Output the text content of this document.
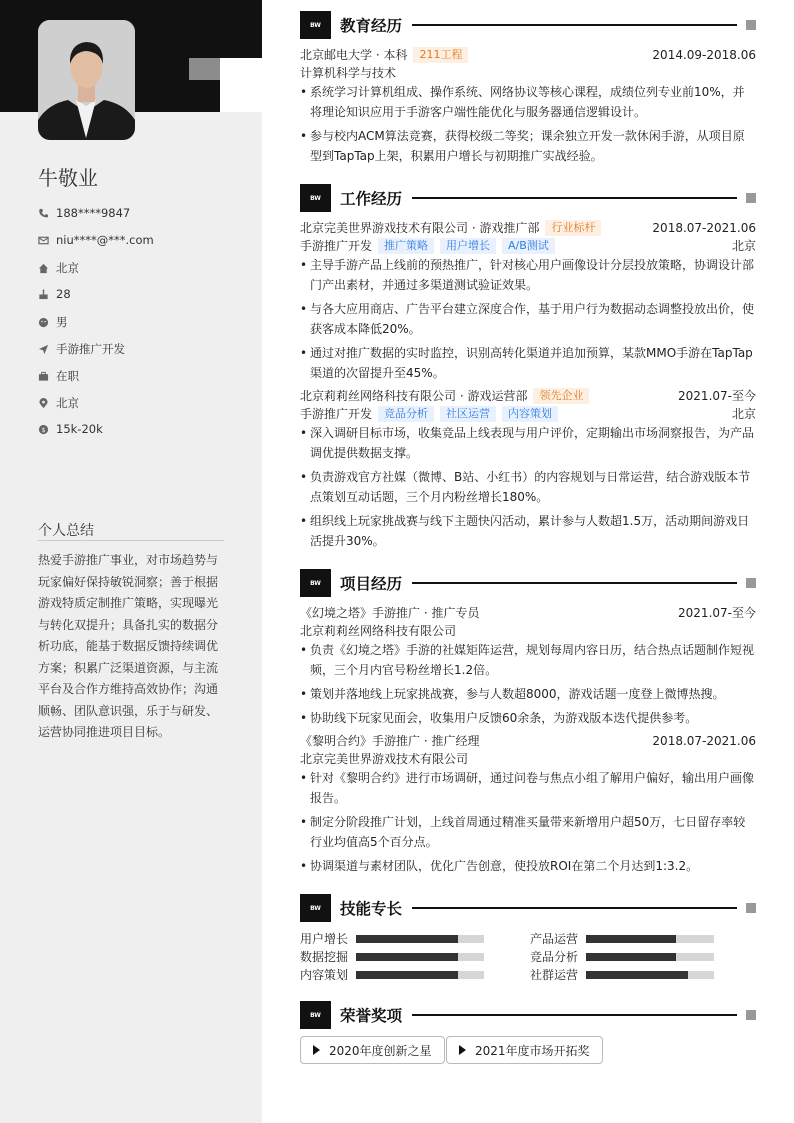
牛敬业
188****9847
niu****@***.com
北京
28
男
手游推广开发
在职
北京
$ 15k-20k
个人总结
热爱手游推广事业，对市场趋势与玩家偏好保持敏锐洞察；善于根据游戏特质定制推广策略，实现曝光与转化双提升；具备扎实的数据分析功底，能基于数据反馈持续调优方案；积累广泛渠道资源，与主流平台及合作方维持高效协作；沟通顺畅、团队意识强，乐于与研发、运营协同推进项目目标。
BW	教育经历
北京邮电大学 · 本科	211工程	2014.09-2018.06
计算机科学与技术
• 系统学习计算机组成、操作系统、网络协议等核心课程，成绩位列专业前10%，并将理论知识应用于手游客户端性能优化与服务器通信逻辑设计。
• 参与校内ACM算法竞赛，获得校级二等奖；课余独立开发一款休闲手游，从项目原型到TapTap上架，积累用户增长与初期推广实战经验。
BW	工作经历
北京完美世界游戏技术有限公司 · 游戏推广部	行业标杆	2018.07-2021.06
手游推广开发	推广策略	用户增长	A/B测试	北京
• 主导手游产品上线前的预热推广，针对核心用户画像设计分层投放策略，协调设计部门产出素材，并通过多渠道测试验证效果。
• 与各大应用商店、广告平台建立深度合作，基于用户行为数据动态调整投放出价，使获客成本降低20%。
• 通过对推广数据的实时监控，识别高转化渠道并追加预算，某款MMO手游在TapTap渠道的次留提升至45%。
北京莉莉丝网络科技有限公司 · 游戏运营部	领先企业	2021.07-至今
手游推广开发	竞品分析	社区运营	内容策划	北京
• 深入调研目标市场，收集竞品上线表现与用户评价，定期输出市场洞察报告，为产品调优提供数据支撑。
• 负责游戏官方社媒（微博、B站、小红书）的内容规划与日常运营，结合游戏版本节点策划互动话题，三个月内粉丝增长180%。
• 组织线上玩家挑战赛与线下主题快闪活动，累计参与人数超1.5万，活动期间游戏日活提升30%。
BW	项目经历
《幻境之塔》手游推广 · 推广专员	2021.07-至今
北京莉莉丝网络科技有限公司
• 负责《幻境之塔》手游的社媒矩阵运营，规划每周内容日历，结合热点话题制作短视频，三个月内官号粉丝增长1.2倍。
• 策划并落地线上玩家挑战赛，参与人数超8000，游戏话题一度登上微博热搜。
• 协助线下玩家见面会，收集用户反馈60余条，为游戏版本迭代提供参考。
《黎明合约》手游推广 · 推广经理	2018.07-2021.06
北京完美世界游戏技术有限公司
• 针对《黎明合约》进行市场调研，通过问卷与焦点小组了解用户偏好，输出用户画像报告。
• 制定分阶段推广计划，上线首周通过精准买量带来新增用户超50万，七日留存率较行业均值高5个百分点。
• 协调渠道与素材团队，优化广告创意，使投放ROI在第二个月达到1:3.2。
BW	技能专长
用户增长	产品运营
数据挖掘	竞品分析
内容策划	社群运营
BW	荣誉奖项
2020年度创新之星	2021年度市场开拓奖
